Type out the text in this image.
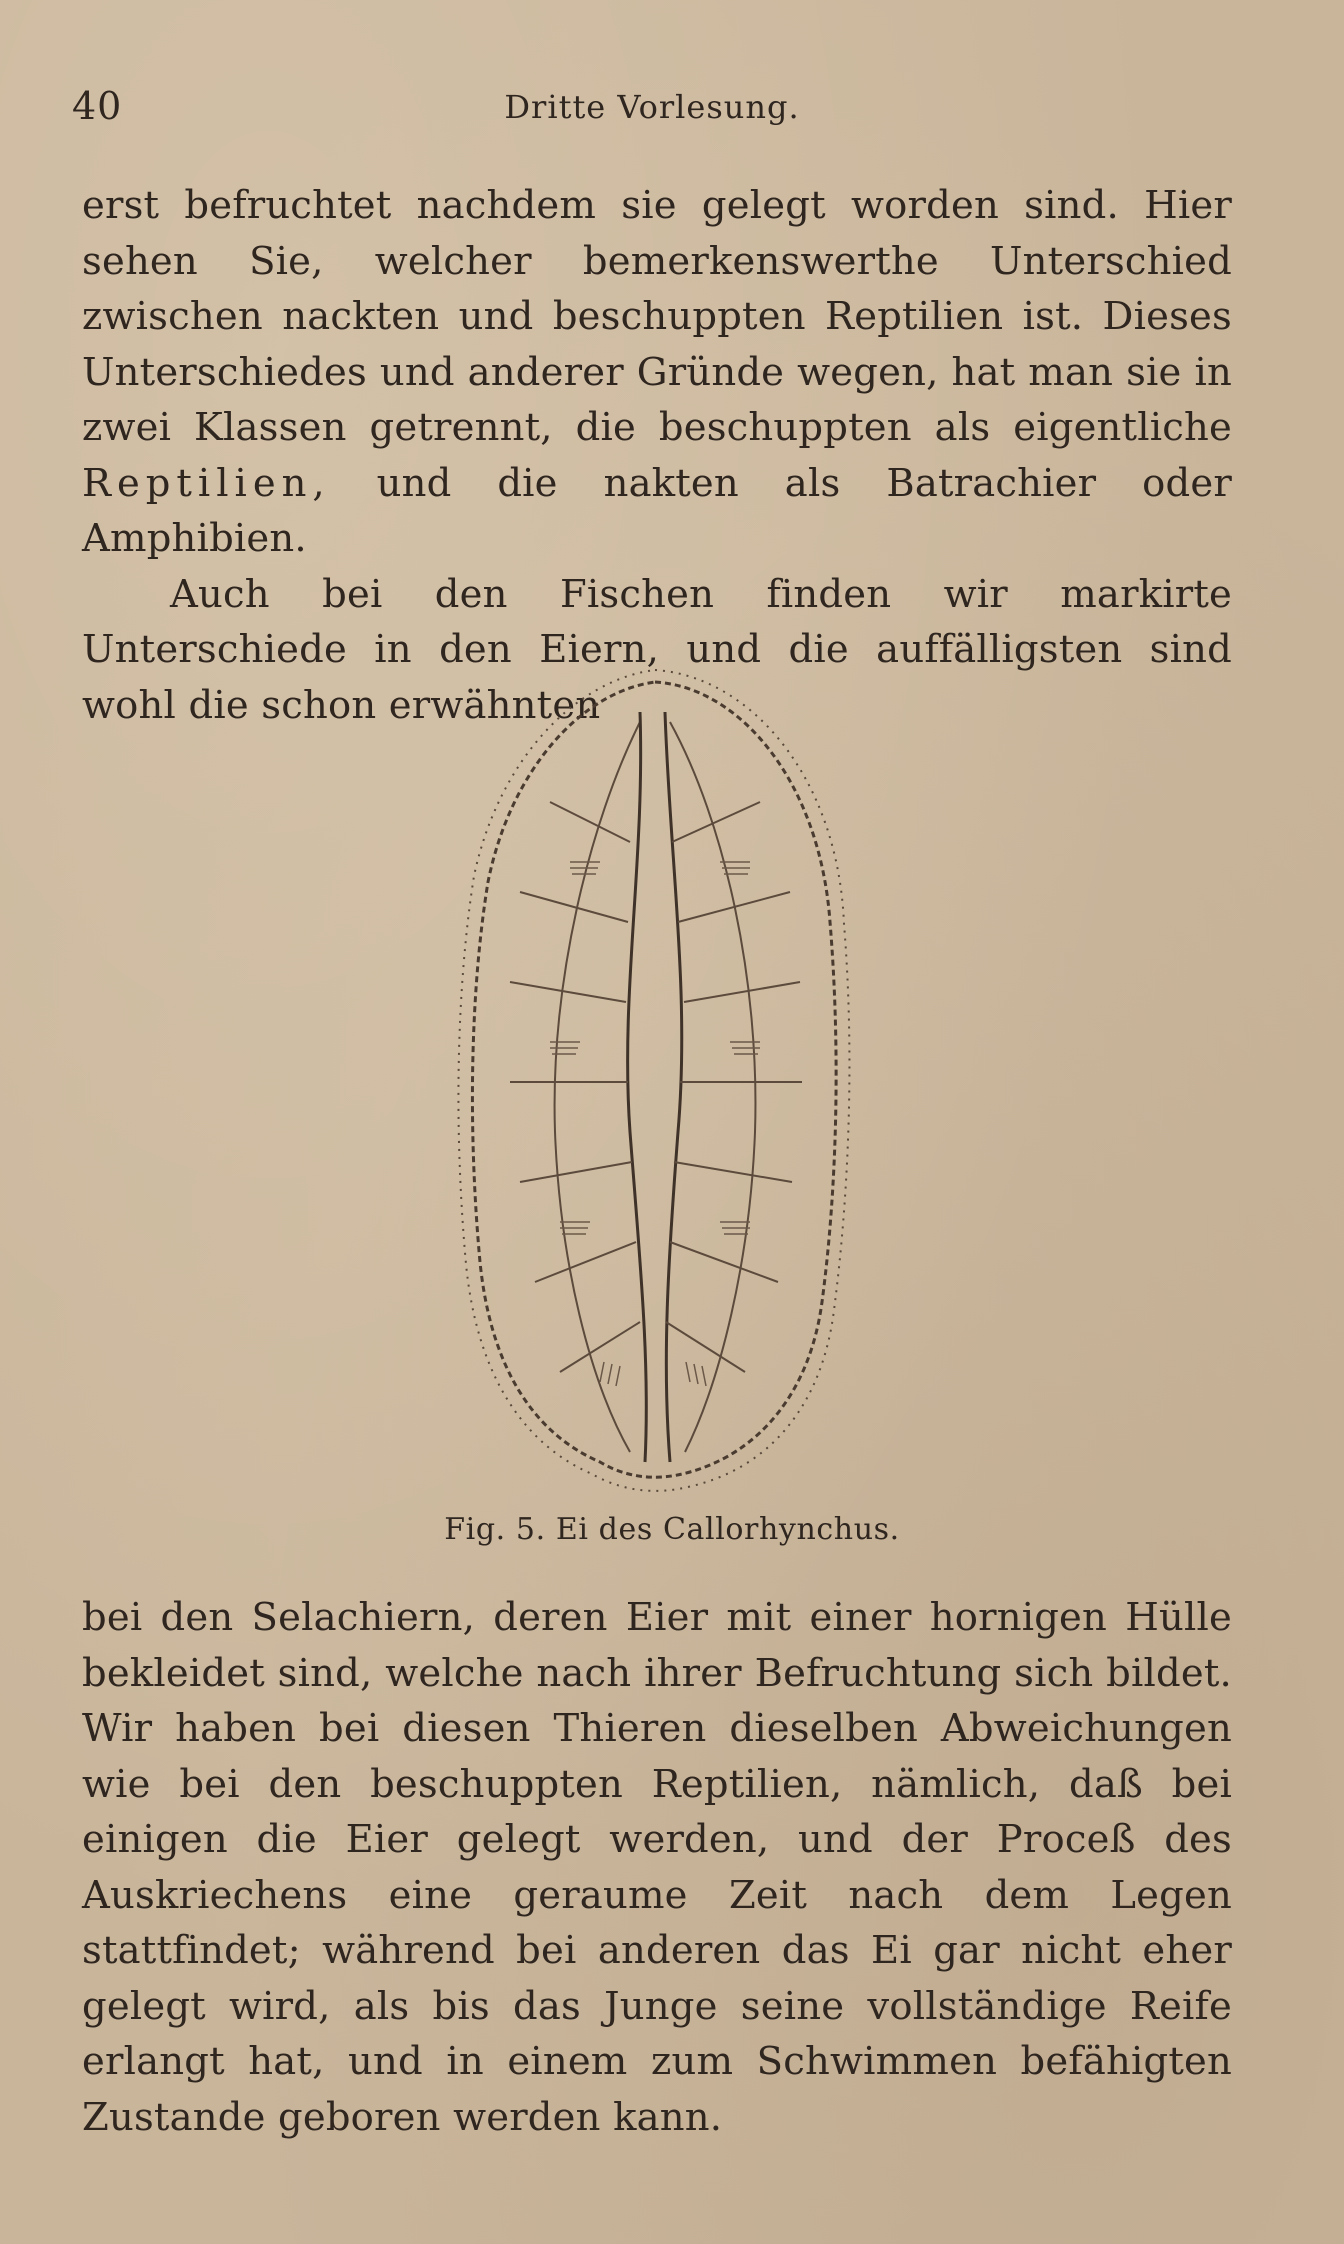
40	Dritte Vorlesung.

erst befruchtet nachdem sie gelegt worden sind. Hier sehen Sie, welcher bemerkenswerthe Unterschied zwischen nackten und beschuppten Reptilien ist. Dieses Unterschiedes und anderer Gründe wegen, hat man sie in zwei Klassen getrennt, die beschuppten als eigentliche Reptilien, und die nakten als Batrachier oder Amphibien.

Auch bei den Fischen finden wir markirte Unterschiede in den Eiern, und die auffälligsten sind wohl die schon erwähnten

Fig. 5. Ei des Callorhynchus.

bei den Selachiern, deren Eier mit einer hornigen Hülle bekleidet sind, welche nach ihrer Befruchtung sich bildet. Wir haben bei diesen Thieren dieselben Abweichungen wie bei den beschuppten Reptilien, nämlich, daß bei einigen die Eier gelegt werden, und der Proceß des Auskriechens eine geraume Zeit nach dem Legen stattfindet; während bei anderen das Ei gar nicht eher gelegt wird, als bis das Junge seine vollständige Reife erlangt hat, und in einem zum Schwimmen befähigten Zustande geboren werden kann.
